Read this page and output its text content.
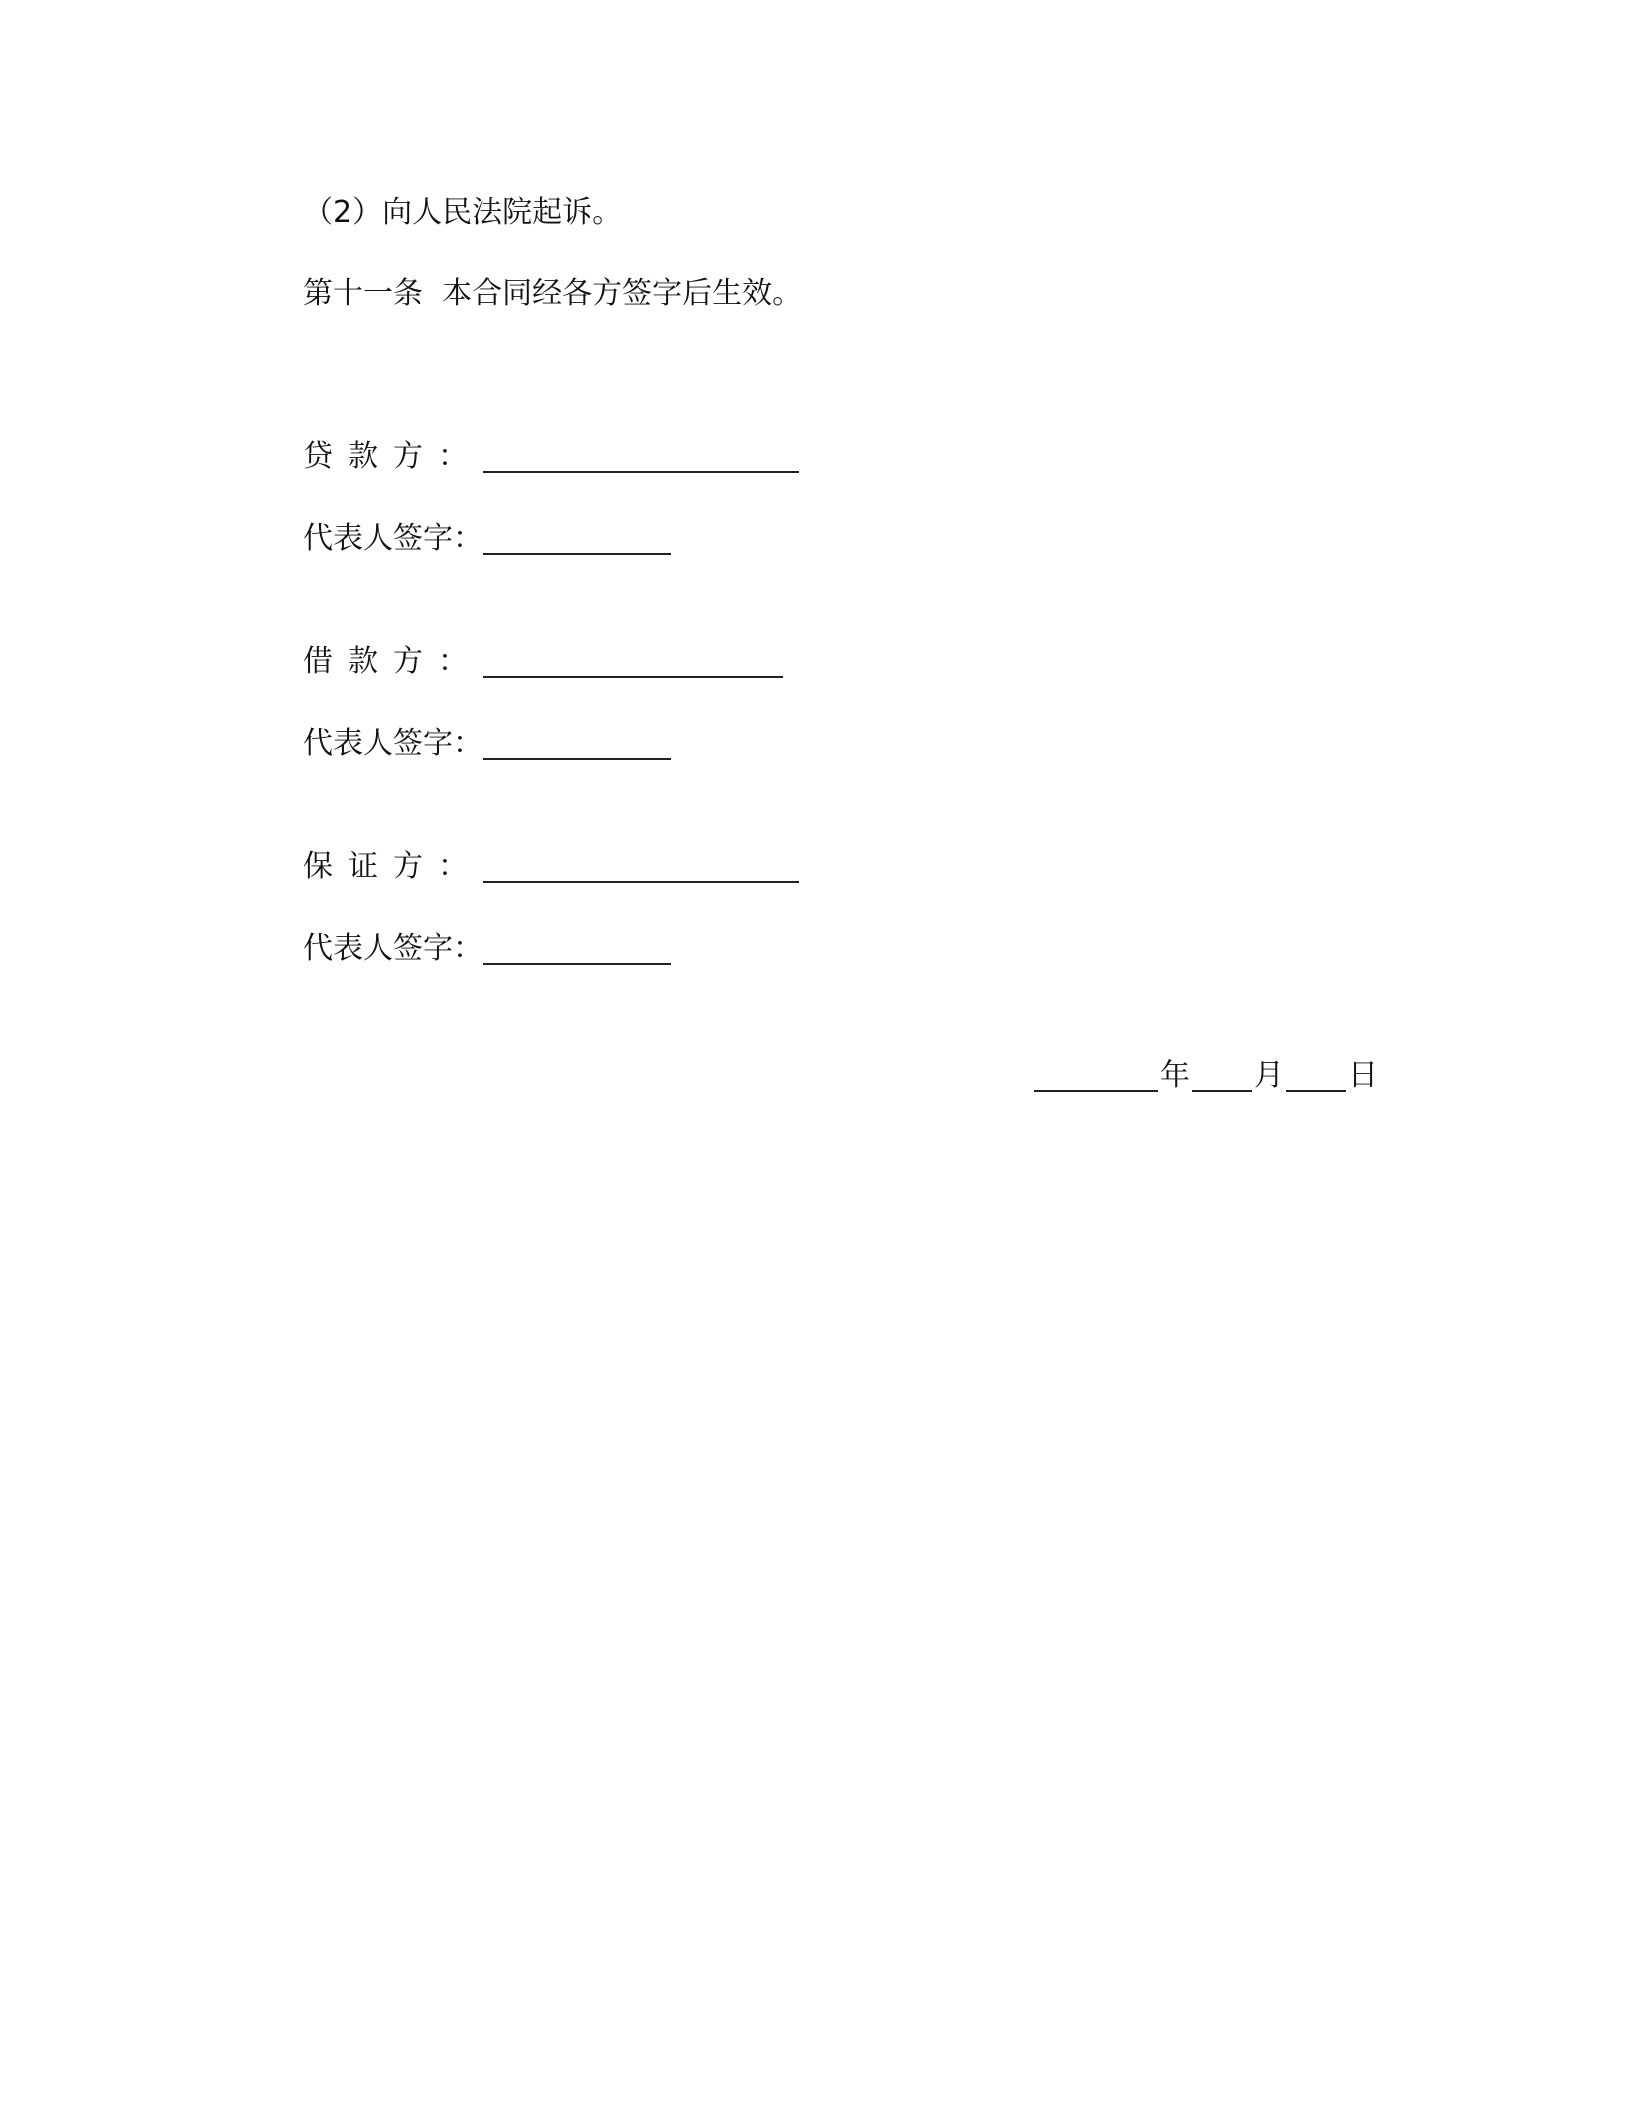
（2）向人民法院起诉。
第十一条  本合同经各方签字后生效。
贷款方：
代表人签字：
借款方：
代表人签字：
保证方：
代表人签字：
年 月 日
